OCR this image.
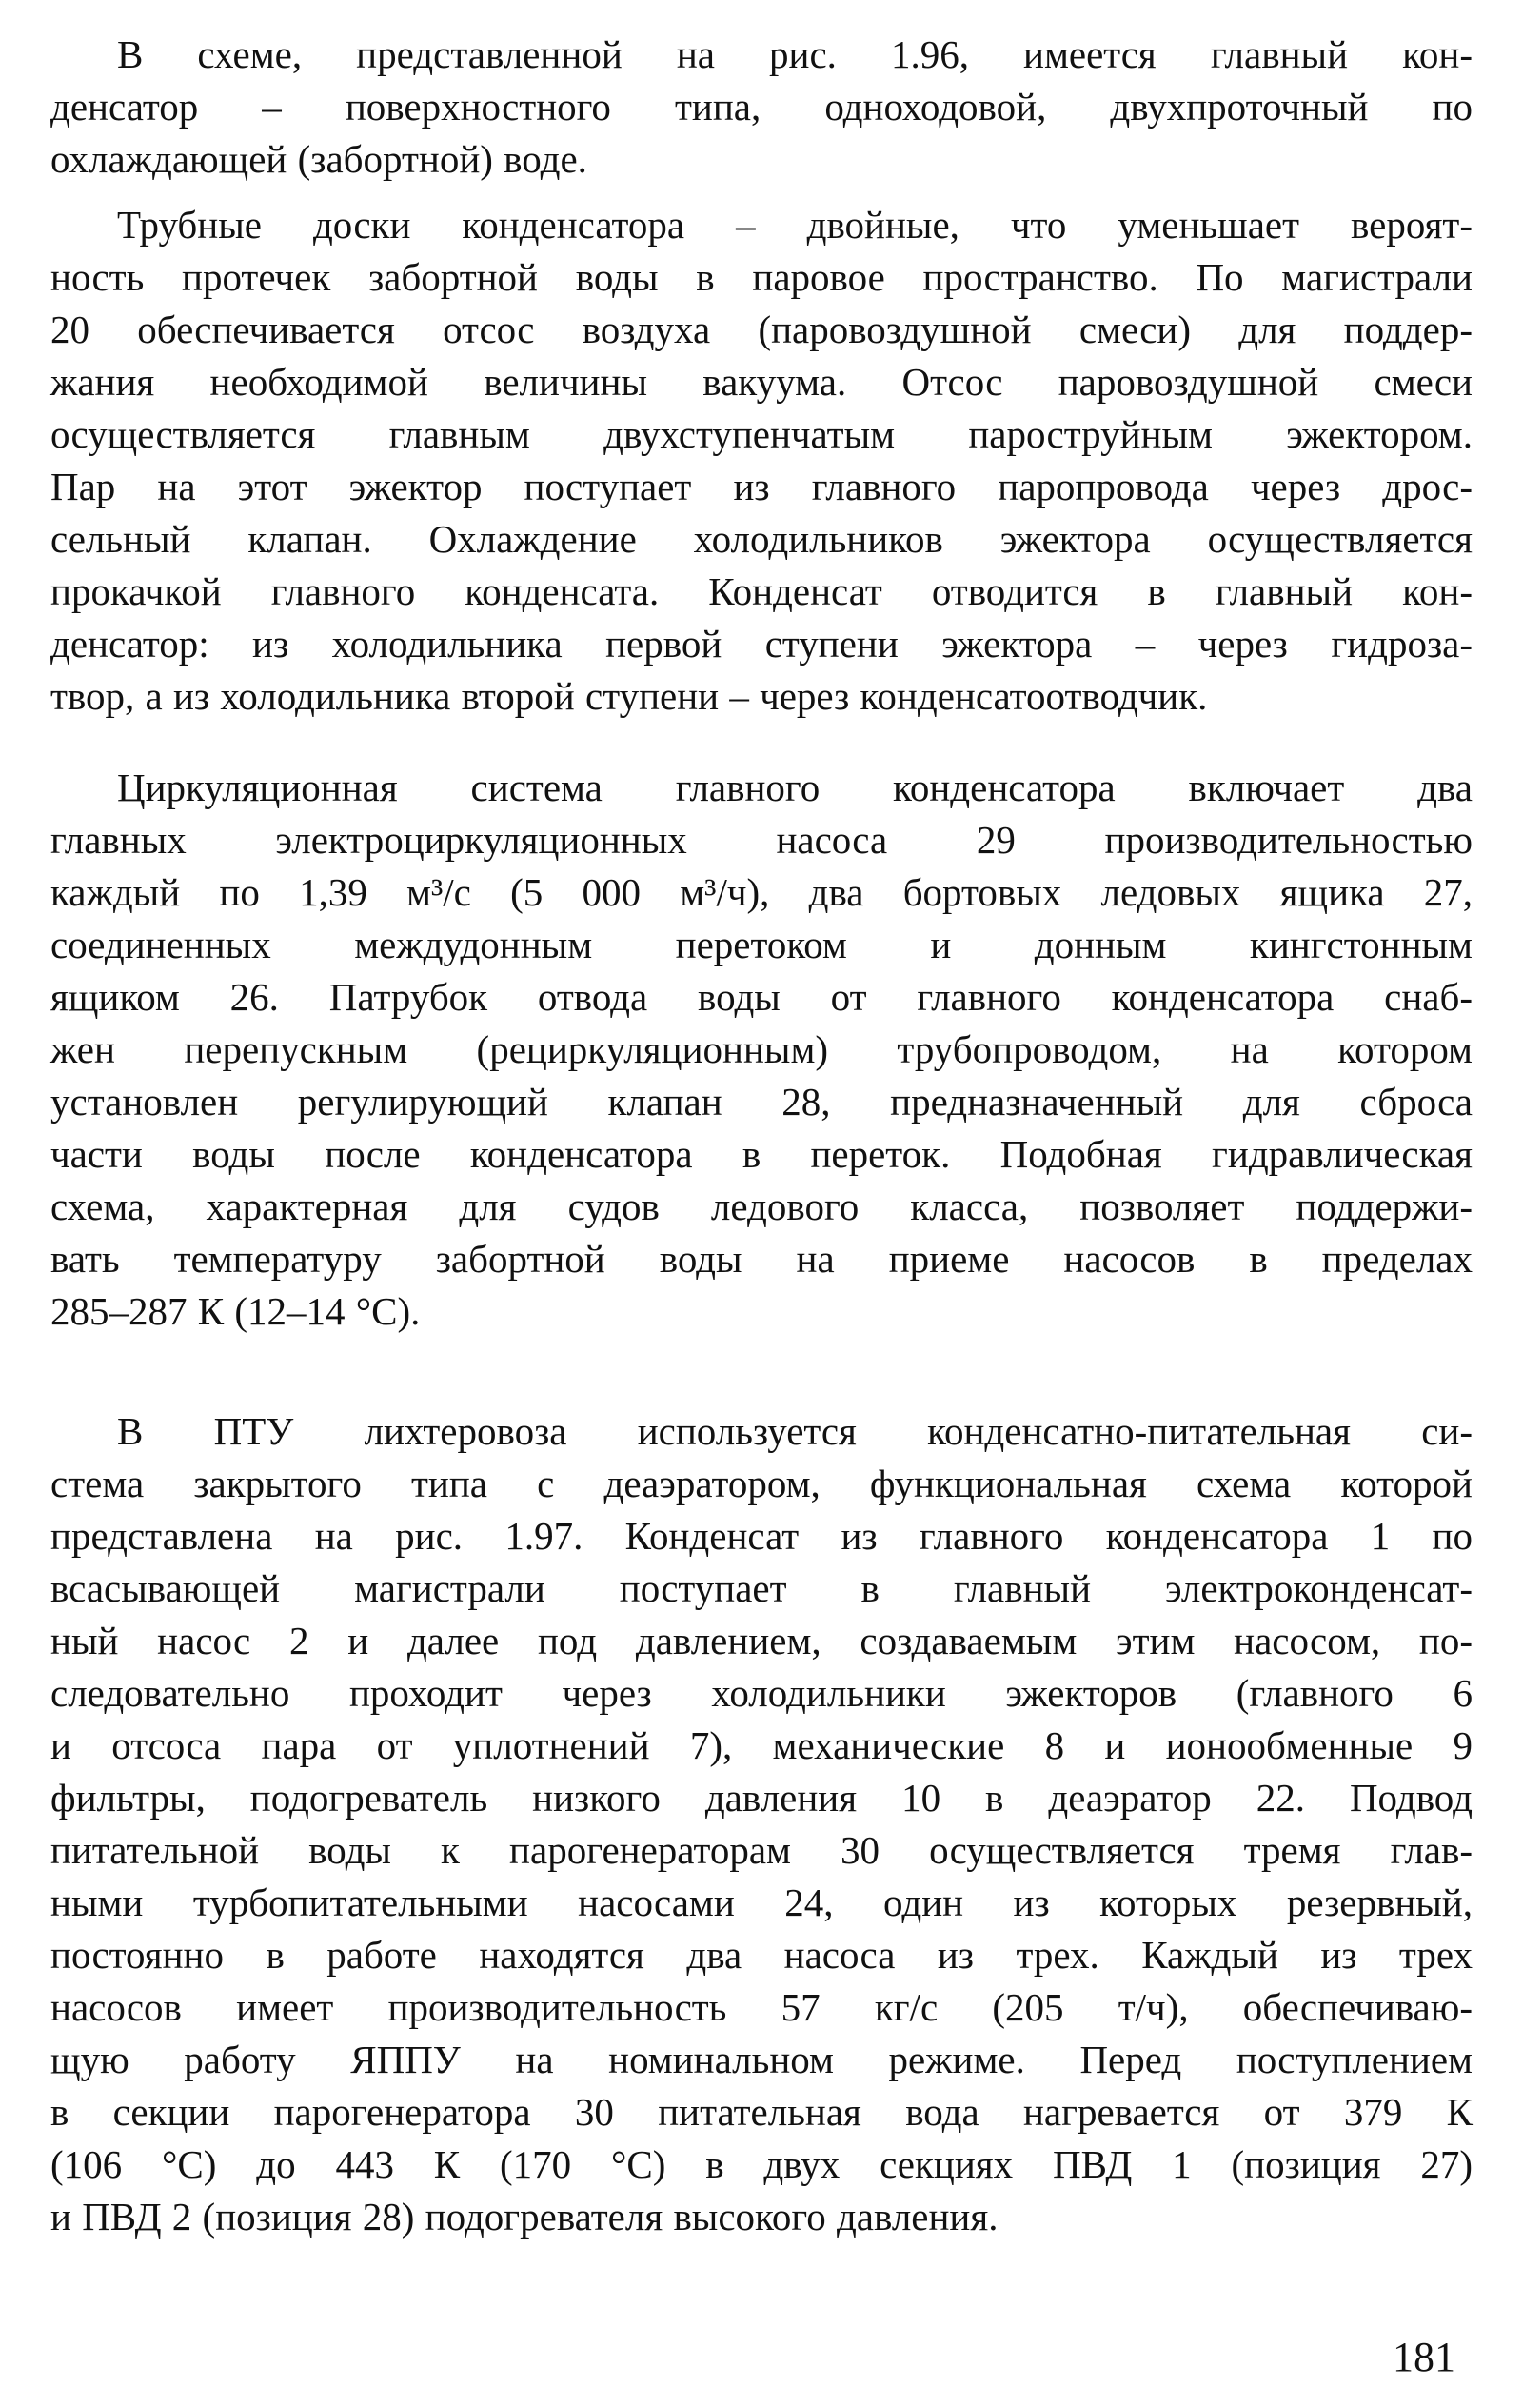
В схеме, представленной на рис. 1.96, имеется главный кон-
денсатор – поверхностного типа, одноходовой, двухпроточный по
охлаждающей (забортной) воде.

Трубные доски конденсатора – двойные, что уменьшает вероят-
ность протечек забортной воды в паровое пространство. По магистрали
20 обеспечивается отсос воздуха (паровоздушной смеси) для поддер-
жания необходимой величины вакуума. Отсос паровоздушной смеси
осуществляется главным двухступенчатым пароструйным эжектором.
Пар на этот эжектор поступает из главного паропровода через дрос-
сельный клапан. Охлаждение холодильников эжектора осуществляется
прокачкой главного конденсата. Конденсат отводится в главный кон-
денсатор: из холодильника первой ступени эжектора – через гидроза-
твор, а из холодильника второй ступени – через конденсатоотводчик.

Циркуляционная система главного конденсатора включает два
главных электроциркуляционных насоса 29 производительностью
каждый по 1,39 м³/с (5 000 м³/ч), два бортовых ледовых ящика 27,
соединенных междудонным перетоком и донным кингстонным
ящиком 26. Патрубок отвода воды от главного конденсатора снаб-
жен перепускным (рециркуляционным) трубопроводом, на котором
установлен регулирующий клапан 28, предназначенный для сброса
части воды после конденсатора в переток. Подобная гидравлическая
схема, характерная для судов ледового класса, позволяет поддержи-
вать температуру забортной воды на приеме насосов в пределах
285–287 К (12–14 °С).

В ПТУ лихтеровоза используется конденсатно-питательная си-
стема закрытого типа с деаэратором, функциональная схема которой
представлена на рис. 1.97. Конденсат из главного конденсатора 1 по
всасывающей магистрали поступает в главный электроконденсат-
ный насос 2 и далее под давлением, создаваемым этим насосом, по-
следовательно проходит через холодильники эжекторов (главного 6
и отсоса пара от уплотнений 7), механические 8 и ионообменные 9
фильтры, подогреватель низкого давления 10 в деаэратор 22. Подвод
питательной воды к парогенераторам 30 осуществляется тремя глав-
ными турбопитательными насосами 24, один из которых резервный,
постоянно в работе находятся два насоса из трех. Каждый из трех
насосов имеет производительность 57 кг/с (205 т/ч), обеспечиваю-
щую работу ЯППУ на номинальном режиме. Перед поступлением
в секции парогенератора 30 питательная вода нагревается от 379 К
(106 °С) до 443 К (170 °С) в двух секциях ПВД 1 (позиция 27)
и ПВД 2 (позиция 28) подогревателя высокого давления.

181
